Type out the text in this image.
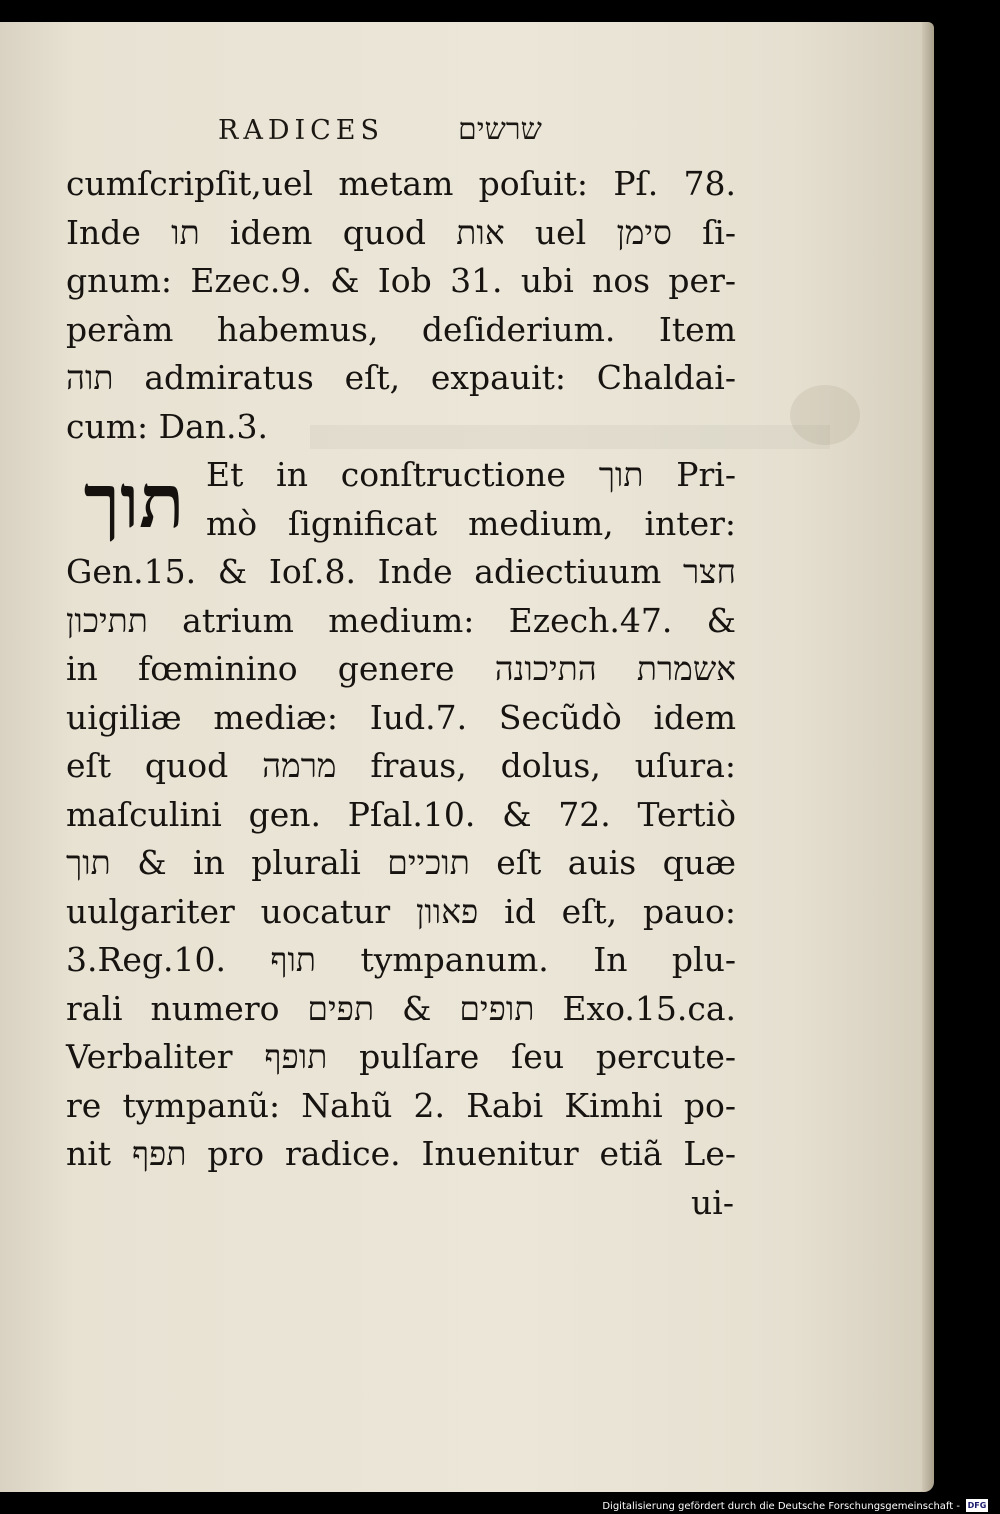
RADICES שרשים
תוך
cumſcripſit,uel metam poſuit: Pſ. 78.
Inde תו idem quod אות uel סימן ſi-
gnum: Ezec.9. & Iob 31. ubi nos per-
peràm habemus, deſiderium. Item
תוה admiratus eſt, expauit: Chaldai-
cum: Dan.3.
Et in conſtructione תוך Pri-
mò ſignificat medium, inter:
Gen.15. & Ioſ.8. Inde adiectiuum חצר
תתיכון atrium medium: Ezech.47. &
in fœminino genere אשמרת התיכונה
uigiliæ mediæ: Iud.7. Secũdò idem
eſt quod מרמה fraus, dolus, uſura:
maſculini gen. Pſal.10. & 72. Tertiò
תוך & in plurali תוכיים eſt auis quæ
uulgariter uocatur פאוון id eſt, pauo:
3.Reg.10. תוף tympanum. In plu-
rali numero תופים & תפים Exo.15.ca.
Verbaliter תופף pulſare ſeu percute-
re tympanũ: Nahũ 2. Rabi Kimhi po-
nit תפף pro radice. Inuenitur etiã Le-
ui-
Digitalisierung gefördert durch die Deutsche Forschungsgemeinschaft - DFG
